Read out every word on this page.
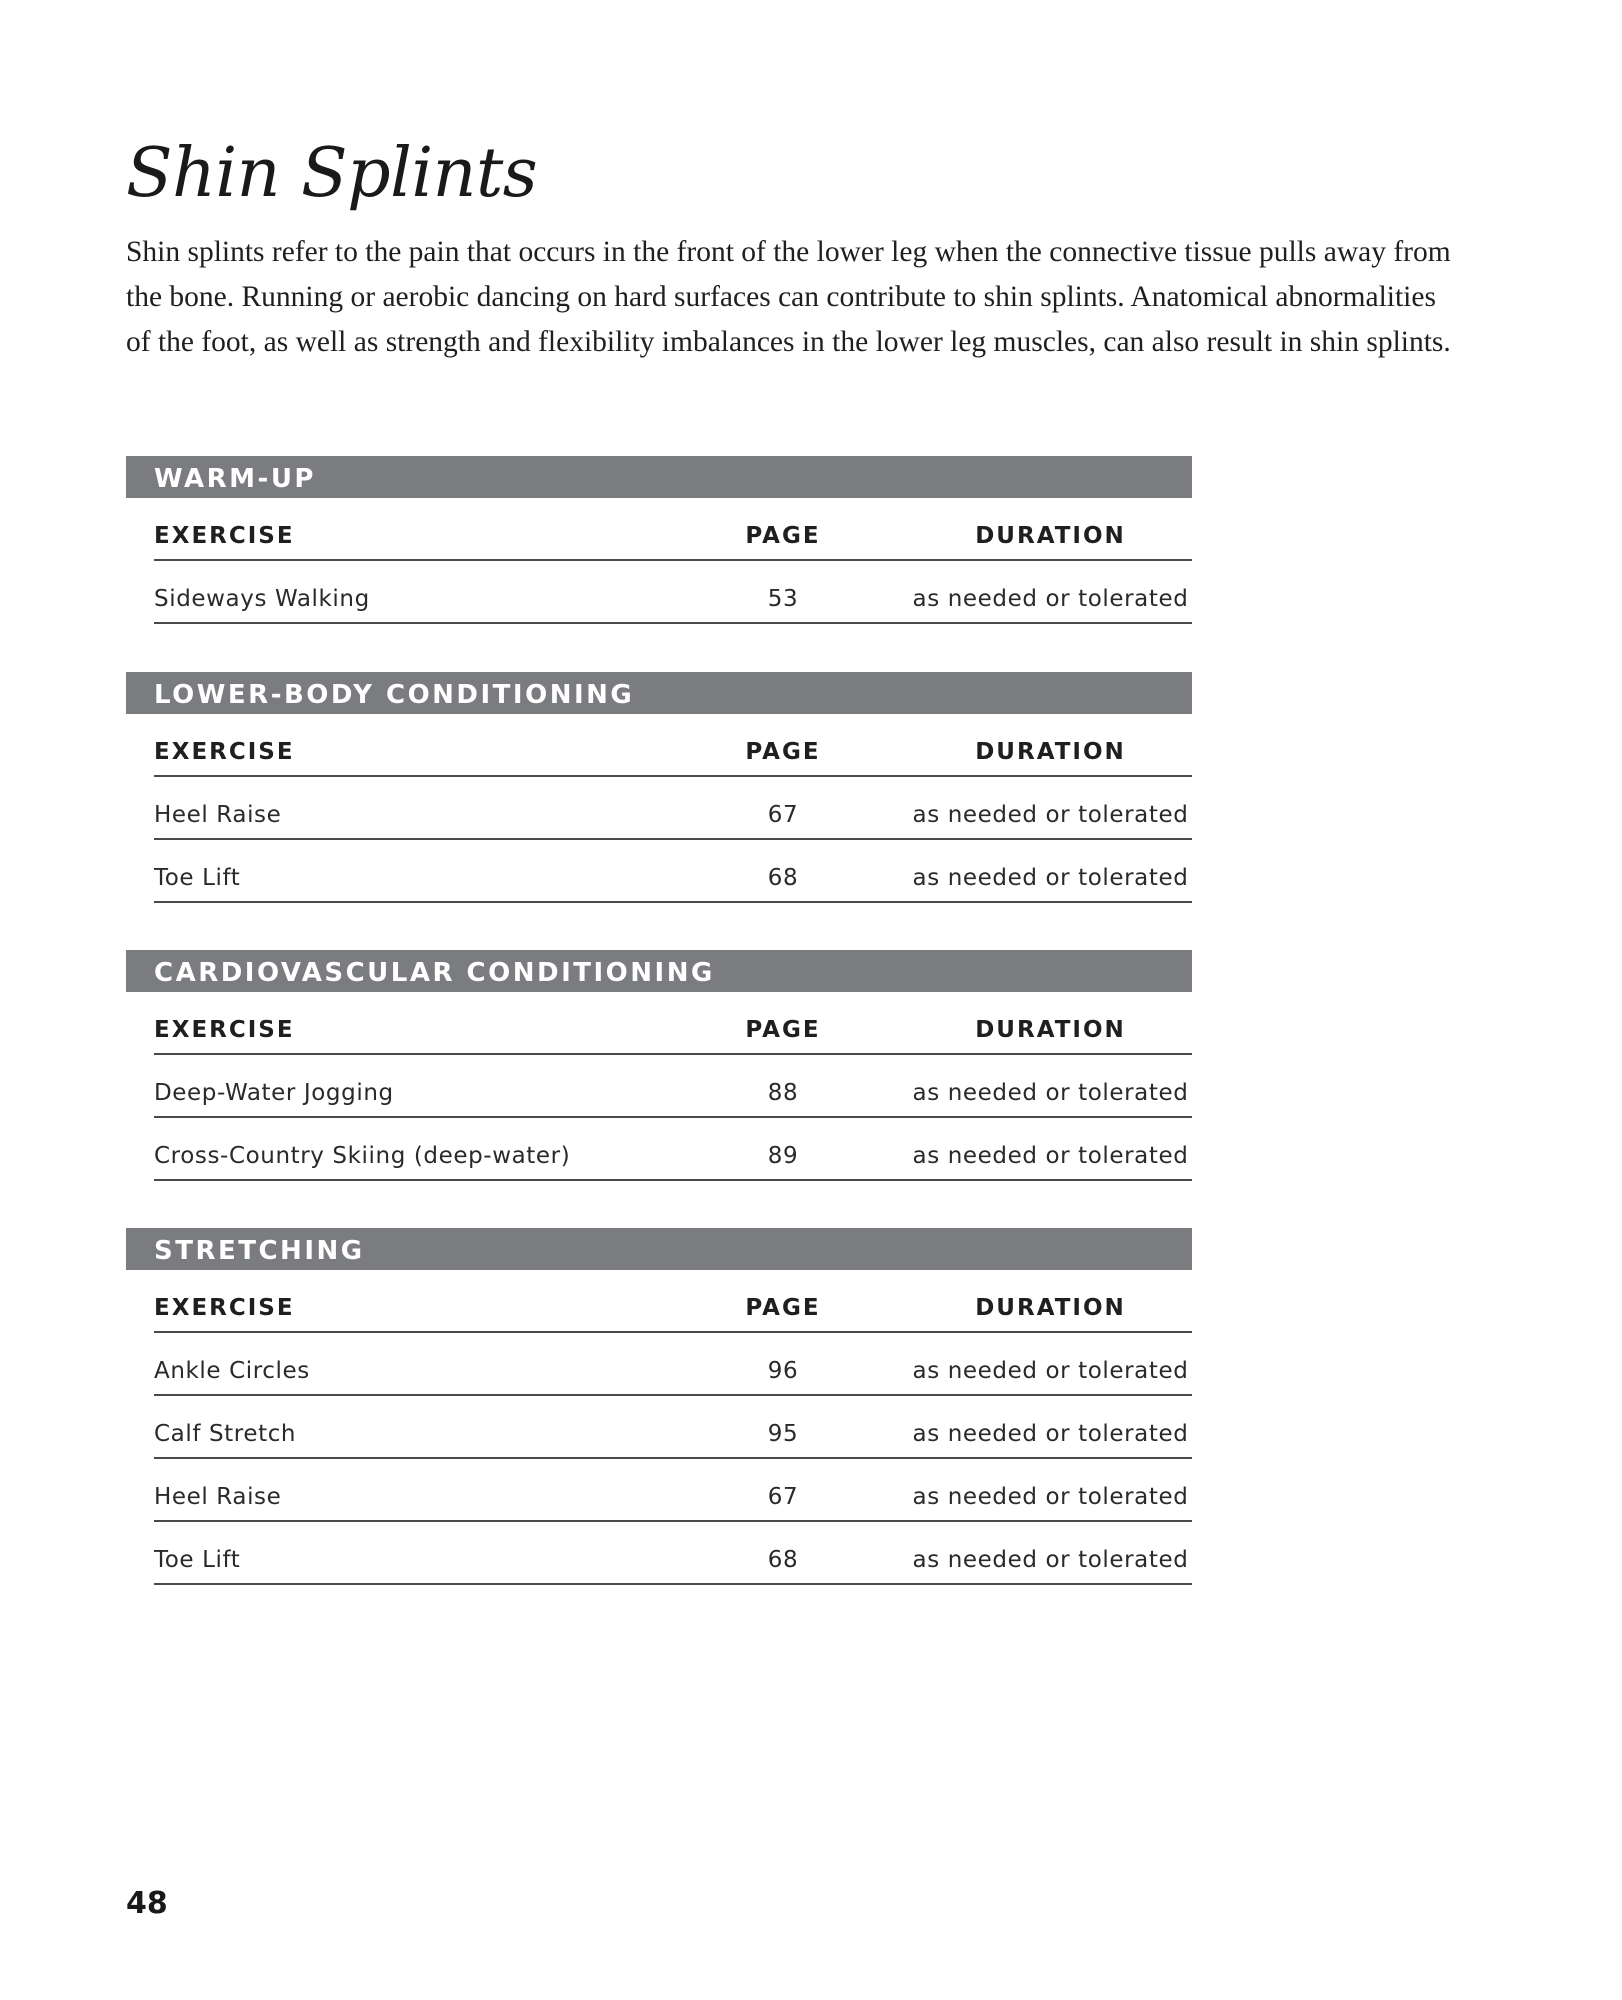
Shin Splints

Shin splints refer to the pain that occurs in the front of the lower leg when the connective tissue pulls away from the bone. Running or aerobic dancing on hard surfaces can contribute to shin splints. Anatomical abnormalities of the foot, as well as strength and flexibility imbalances in the lower leg muscles, can also result in shin splints.

WARM-UP
EXERCISE	PAGE	DURATION
Sideways Walking	53	as needed or tolerated
LOWER-BODY CONDITIONING
EXERCISE	PAGE	DURATION
Heel Raise	67	as needed or tolerated
Toe Lift	68	as needed or tolerated
CARDIOVASCULAR CONDITIONING
EXERCISE	PAGE	DURATION
Deep-Water Jogging	88	as needed or tolerated
Cross-Country Skiing (deep-water)	89	as needed or tolerated
STRETCHING
EXERCISE	PAGE	DURATION
Ankle Circles	96	as needed or tolerated
Calf Stretch	95	as needed or tolerated
Heel Raise	67	as needed or tolerated
Toe Lift	68	as needed or tolerated
48
